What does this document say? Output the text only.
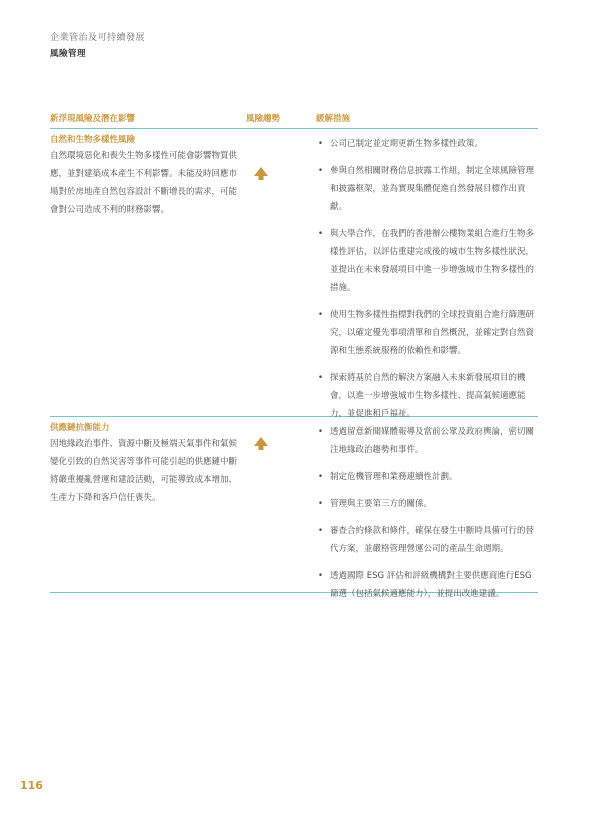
企業管治及可持續發展
風險管理
新浮現風險及潛在影響	風險趨勢	緩解措施
自然和生物多樣性風險
自然環境惡化和喪失生物多樣性可能會影響物質供應，並對建築成本產生不利影響。未能及時回應市場對於房地產自然包容設計不斷增長的需求，可能會對公司造成不利的財務影響。
• 公司已制定並定期更新生物多樣性政策。
• 參與自然相關財務信息披露工作組，制定全球風險管理和披露框架，並為實現集體促進自然發展目標作出貢獻。
• 與大學合作，在我們的香港辦公樓物業組合進行生物多樣性評估，以評估重建完成後的城市生物多樣性狀況，並提出在未來發展項目中進一步增強城市生物多樣性的措施。
• 使用生物多樣性指標對我們的全球投資組合進行篩選研究，以確定優先事項清單和自然概況，並確定對自然資源和生態系統服務的依賴性和影響。
• 探索將基於自然的解決方案融入未來新發展項目的機會，以進一步增強城市生物多樣性、提高氣候適應能力，並促進租戶福祉。
供應鏈抗衡能力
因地緣政治事件、資源中斷及極端天氣事件和氣候變化引致的自然災害等事件可能引起的供應鏈中斷將嚴重擾亂營運和建設活動，可能導致成本增加、生產力下降和客戶信任喪失。
• 透過留意新聞媒體報導及當前公眾及政府輿論，密切關注地緣政治趨勢和事件。
• 制定危機管理和業務連續性計劃。
• 管理與主要第三方的關係。
• 審查合約條款和條件，確保在發生中斷時具備可行的替代方案，並嚴格管理營運公司的產品生命週期。
• 透過國際 ESG 評估和評級機構對主要供應商進行ESG篩選（包括氣候適應能力），並提出改進建議。
116
